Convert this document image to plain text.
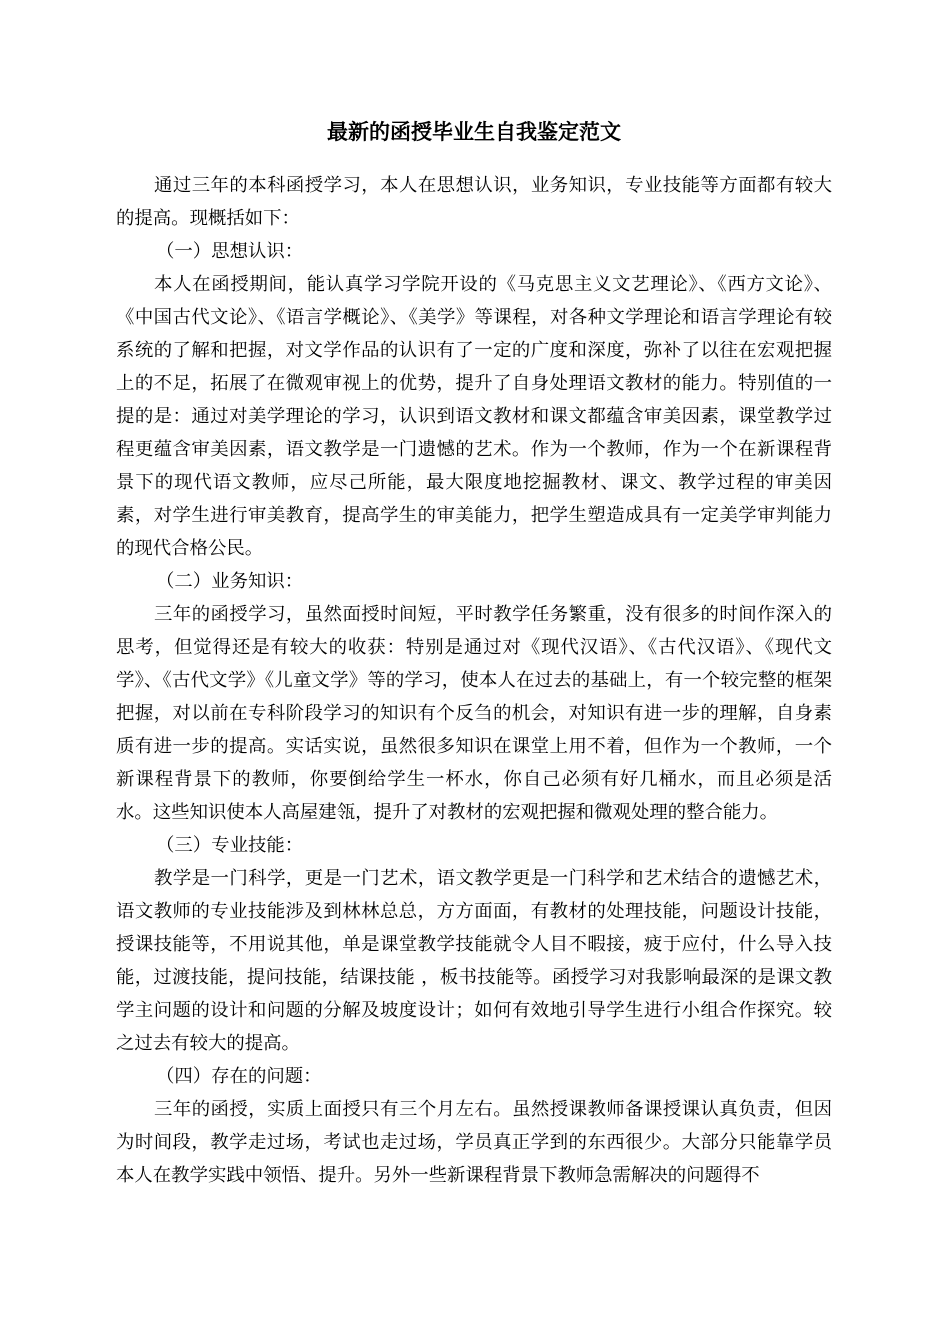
最新的函授毕业生自我鉴定范文

通过三年的本科函授学习，本人在思想认识，业务知识，专业技能等方面都有较大的提高。现概括如下：

（一）思想认识：

本人在函授期间，能认真学习学院开设的《马克思主义文艺理论》、《西方文论》、《中国古代文论》、《语言学概论》、《美学》等课程，对各种文学理论和语言学理论有较系统的了解和把握，对文学作品的认识有了一定的广度和深度，弥补了以往在宏观把握上的不足，拓展了在微观审视上的优势，提升了自身处理语文教材的能力。特别值的一提的是：通过对美学理论的学习，认识到语文教材和课文都蕴含审美因素，课堂教学过程更蕴含审美因素，语文教学是一门遗憾的艺术。作为一个教师，作为一个在新课程背景下的现代语文教师，应尽己所能，最大限度地挖掘教材、课文、教学过程的审美因素，对学生进行审美教育，提高学生的审美能力，把学生塑造成具有一定美学审判能力的现代合格公民。

（二）业务知识：

三年的函授学习，虽然面授时间短，平时教学任务繁重，没有很多的时间作深入的思考，但觉得还是有较大的收获：特别是通过对《现代汉语》、《古代汉语》、《现代文学》、《古代文学》《儿童文学》等的学习，使本人在过去的基础上，有一个较完整的框架把握，对以前在专科阶段学习的知识有个反刍的机会，对知识有进一步的理解，自身素质有进一步的提高。实话实说，虽然很多知识在课堂上用不着，但作为一个教师，一个新课程背景下的教师，你要倒给学生一杯水，你自己必须有好几桶水，而且必须是活水。这些知识使本人高屋建瓴，提升了对教材的宏观把握和微观处理的整合能力。

（三）专业技能：

教学是一门科学，更是一门艺术，语文教学更是一门科学和艺术结合的遗憾艺术，语文教师的专业技能涉及到林林总总，方方面面，有教材的处理技能，问题设计技能，授课技能等，不用说其他，单是课堂教学技能就令人目不暇接，疲于应付，什么导入技能，过渡技能，提问技能，结课技能 ，板书技能等。函授学习对我影响最深的是课文教学主问题的设计和问题的分解及坡度设计；如何有效地引导学生进行小组合作探究。较之过去有较大的提高。

（四）存在的问题：

三年的函授，实质上面授只有三个月左右。虽然授课教师备课授课认真负责，但因为时间段，教学走过场，考试也走过场，学员真正学到的东西很少。大部分只能靠学员本人在教学实践中领悟、提升。另外一些新课程背景下教师急需解决的问题得不
